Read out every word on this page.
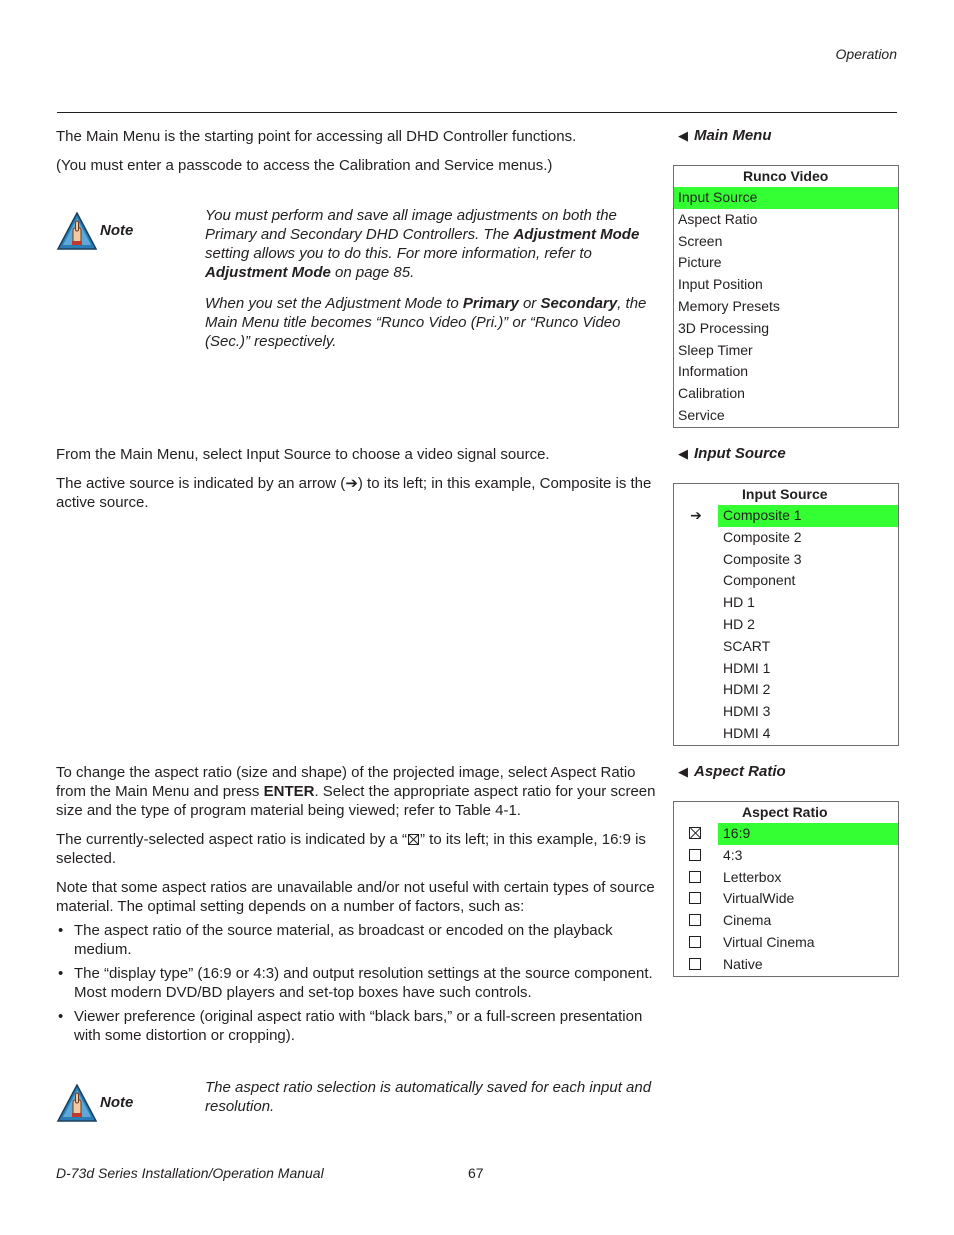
Operation
◀ Main Menu

The Main Menu is the starting point for accessing all DHD Controller functions.

(You must enter a passcode to access the Calibration and Service menus.)

Note

You must perform and save all image adjustments on both the Primary and Secondary DHD Controllers. The Adjustment Mode setting allows you to do this. For more information, refer to Adjustment Mode on page 85.

When you set the Adjustment Mode to Primary or Secondary, the Main Menu title becomes “Runco Video (Pri.)” or “Runco Video (Sec.)” respectively.

Runco Video
Input Source
Aspect Ratio
Screen
Picture
Input Position
Memory Presets
3D Processing
Sleep Timer
Information
Calibration
Service
◀ Input Source

From the Main Menu, select Input Source to choose a video signal source.

The active source is indicated by an arrow (➔) to its left; in this example, Composite is the active source.	Input Source
➔	Composite 1
Composite 2
Composite 3
Component
HD 1
HD 2
SCART
HDMI 1
HDMI 2
HDMI 3
HDMI 4
◀ Aspect Ratio

To change the aspect ratio (size and shape) of the projected image, select Aspect Ratio from the Main Menu and press ENTER. Select the appropriate aspect ratio for your screen size and the type of program material being viewed; refer to Table 4-1.

The currently-selected aspect ratio is indicated by a “ ” to its left; in this example, 16:9 is selected.

Note that some aspect ratios are unavailable and/or not useful with certain types of source material. The optimal setting depends on a number of factors, such as:

• The aspect ratio of the source material, as broadcast or encoded on the playback medium.
• The “display type” (16:9 or 4:3) and output resolution settings at the source component. Most modern DVD/BD players and set-top boxes have such controls.
• Viewer preference (original aspect ratio with “black bars,” or a full-screen presentation with some distortion or cropping).
Aspect Ratio
16:9
4:3
Letterbox
VirtualWide
Cinema
Virtual Cinema
Native
Note

The aspect ratio selection is automatically saved for each input and resolution.

D-73d Series Installation/Operation Manual	67
